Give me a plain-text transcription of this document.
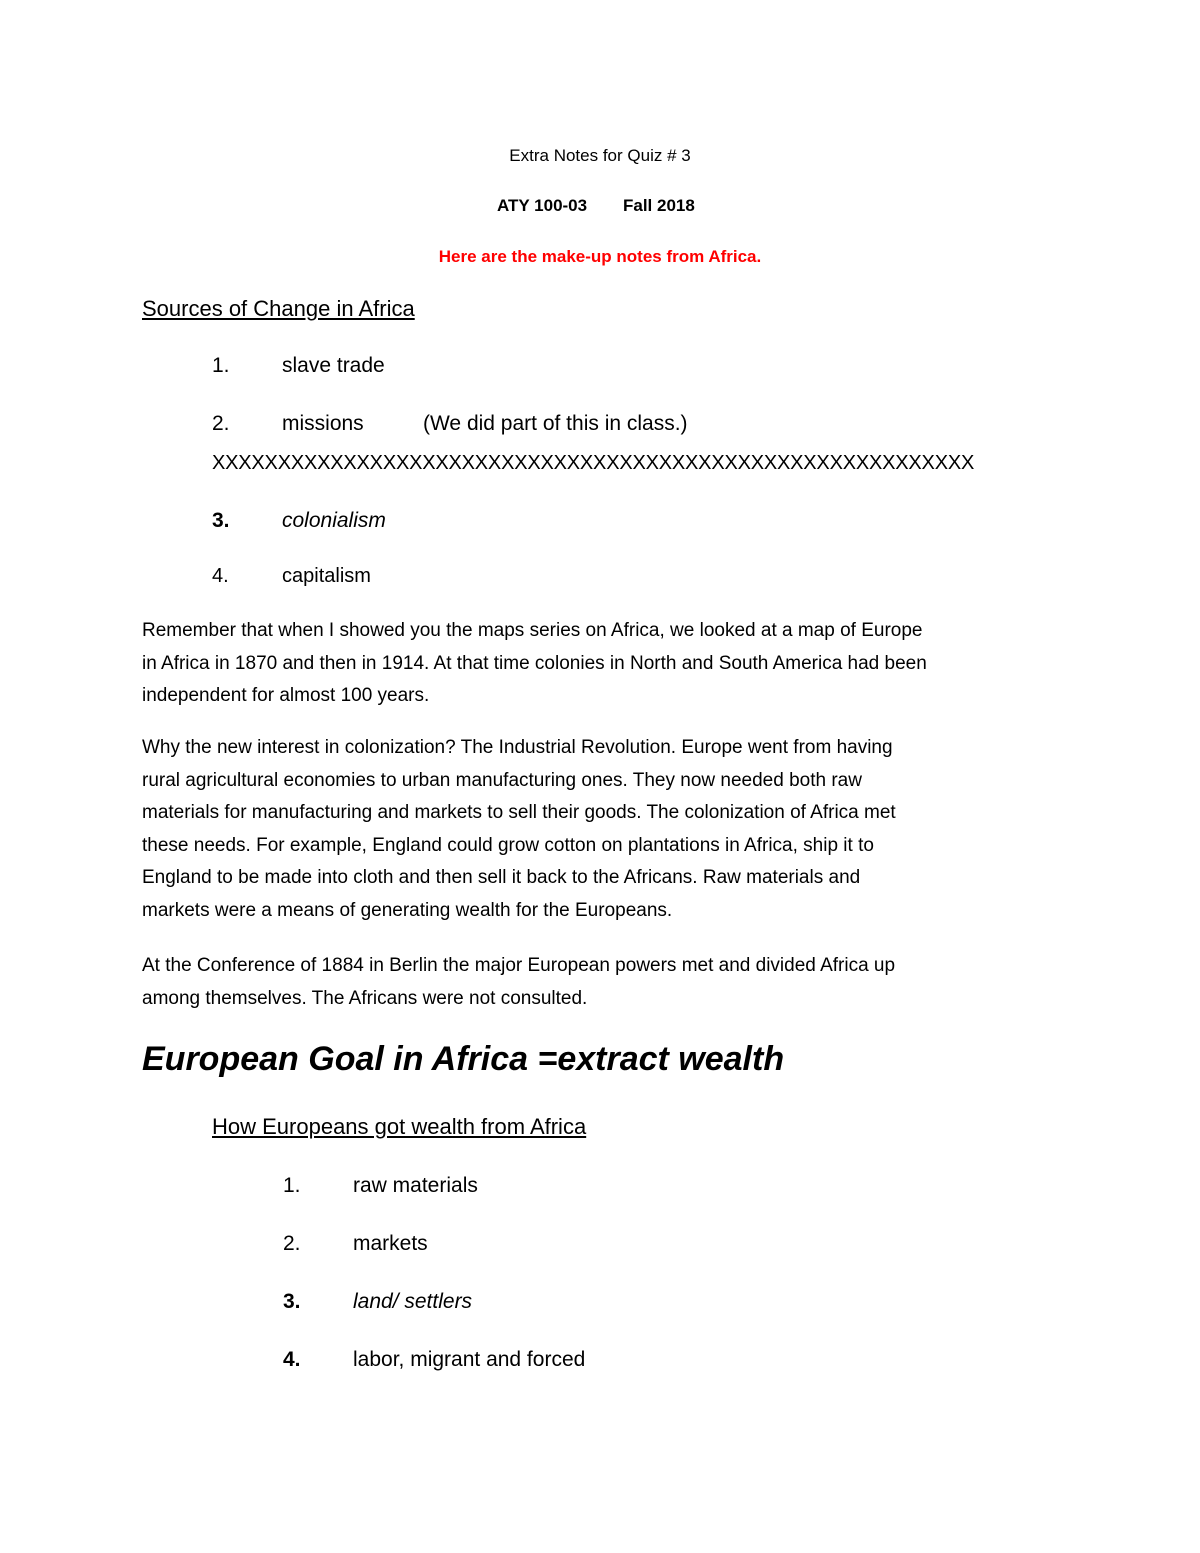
Extra Notes for Quiz # 3
ATY 100-03 Fall 2018
Here are the make-up notes from Africa.
Sources of Change in Africa
1. slave trade
2. missions	(We did part of this in class.)
XXXXXXXXXXXXXXXXXXXXXXXXXXXXXXXXXXXXXXXXXXXXXXXXXXXXXXXXXX
3. colonialism
4.	capitalism
Remember that when I showed you the maps series on Africa, we looked at a map of Europe
in Africa in 1870 and then in 1914. At that time colonies in North and South America had been
independent for almost 100 years.
Why the new interest in colonization? The Industrial Revolution. Europe went from having
rural agricultural economies to urban manufacturing ones. They now needed both raw
materials for manufacturing and markets to sell their goods. The colonization of Africa met
these needs. For example, England could grow cotton on plantations in Africa, ship it to
England to be made into cloth and then sell it back to the Africans. Raw materials and
markets were a means of generating wealth for the Europeans.
At the Conference of 1884 in Berlin the major European powers met and divided Africa up
among themselves. The Africans were not consulted.
European Goal in Africa =extract wealth
How Europeans got wealth from Africa
1. raw materials
2. markets
3. land/ settlers
4. labor, migrant and forced
